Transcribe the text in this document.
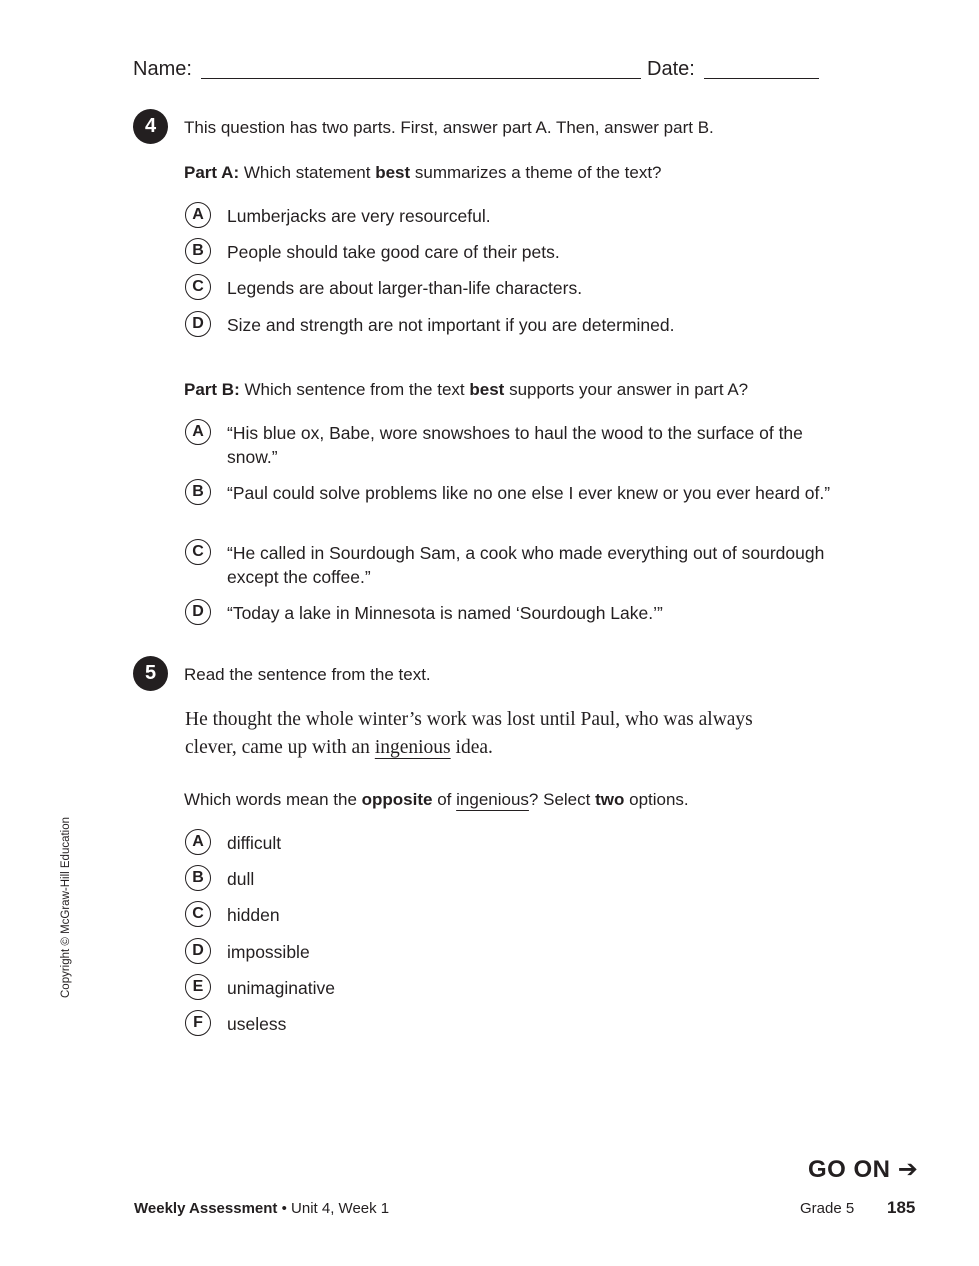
Name:	Date:
4	This question has two parts. First, answer part A. Then, answer part B.
Part A: Which statement best summarizes a theme of the text?
A	Lumberjacks are very resourceful.
B	People should take good care of their pets.
C	Legends are about larger-than-life characters.
D	Size and strength are not important if you are determined.
Part B: Which sentence from the text best supports your answer in part A?
A	“His blue ox, Babe, wore snowshoes to haul the wood to the surface of the snow.”
B	“Paul could solve problems like no one else I ever knew or you ever heard of.”
C	“He called in Sourdough Sam, a cook who made everything out of sourdough except the coffee.”
D	“Today a lake in Minnesota is named ‘Sourdough Lake.’”
5	Read the sentence from the text.
He thought the whole winter’s work was lost until Paul, who was always
clever, came up with an ingenious idea.
Which words mean the opposite of ingenious? Select two options.
A	difficult
B	dull
C	hidden
D	impossible
E	unimaginative
F	useless
Copyright © McGraw-Hill Education
GO ON ➔
Weekly Assessment • Unit 4, Week 1	Grade 5 185
